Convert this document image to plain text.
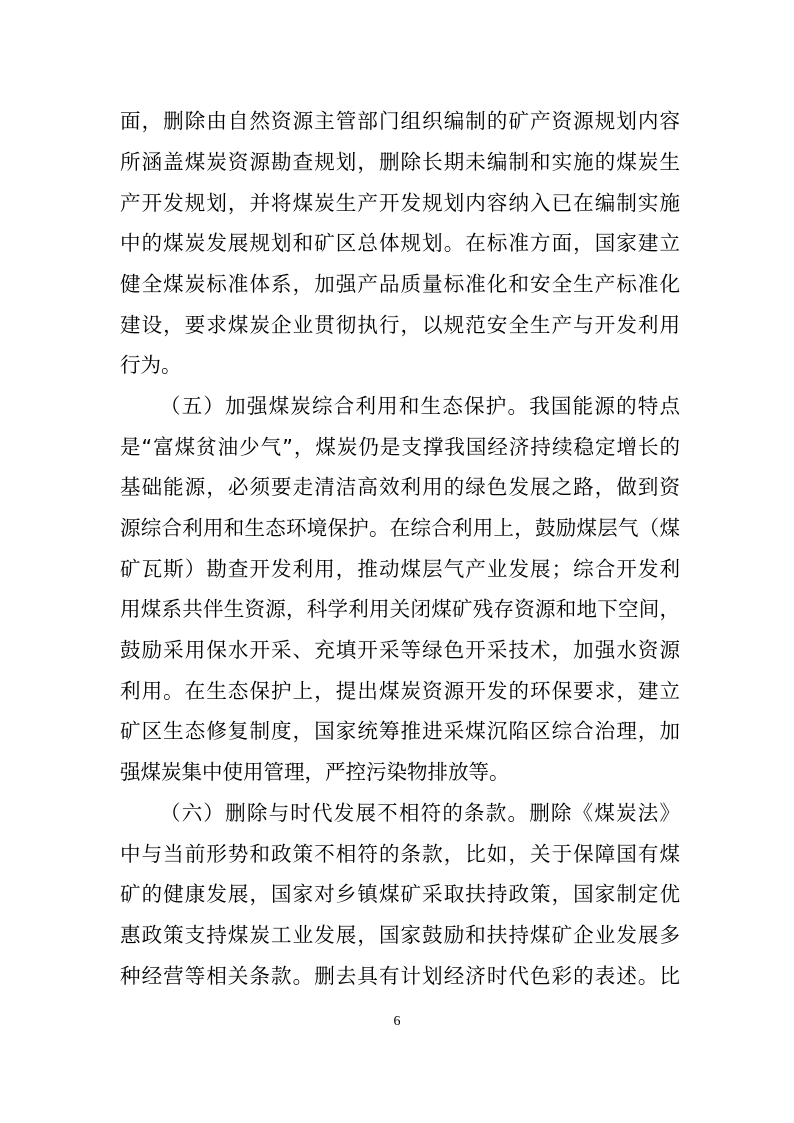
面，删除由自然资源主管部门组织编制的矿产资源规划内容
所涵盖煤炭资源勘查规划，删除长期未编制和实施的煤炭生
产开发规划，并将煤炭生产开发规划内容纳入已在编制实施
中的煤炭发展规划和矿区总体规划。在标准方面，国家建立
健全煤炭标准体系，加强产品质量标准化和安全生产标准化
建设，要求煤炭企业贯彻执行，以规范安全生产与开发利用
行为。
（五）加强煤炭综合利用和生态保护。我国能源的特点
是“富煤贫油少气”，煤炭仍是支撑我国经济持续稳定增长的
基础能源，必须要走清洁高效利用的绿色发展之路，做到资
源综合利用和生态环境保护。在综合利用上，鼓励煤层气（煤
矿瓦斯）勘查开发利用，推动煤层气产业发展；综合开发利
用煤系共伴生资源，科学利用关闭煤矿残存资源和地下空间，
鼓励采用保水开采、充填开采等绿色开采技术，加强水资源
利用。在生态保护上，提出煤炭资源开发的环保要求，建立
矿区生态修复制度，国家统筹推进采煤沉陷区综合治理，加
强煤炭集中使用管理，严控污染物排放等。
（六）删除与时代发展不相符的条款。删除《煤炭法》
中与当前形势和政策不相符的条款，比如，关于保障国有煤
矿的健康发展，国家对乡镇煤矿采取扶持政策，国家制定优
惠政策支持煤炭工业发展，国家鼓励和扶持煤矿企业发展多
种经营等相关条款。删去具有计划经济时代色彩的表述。比
6
